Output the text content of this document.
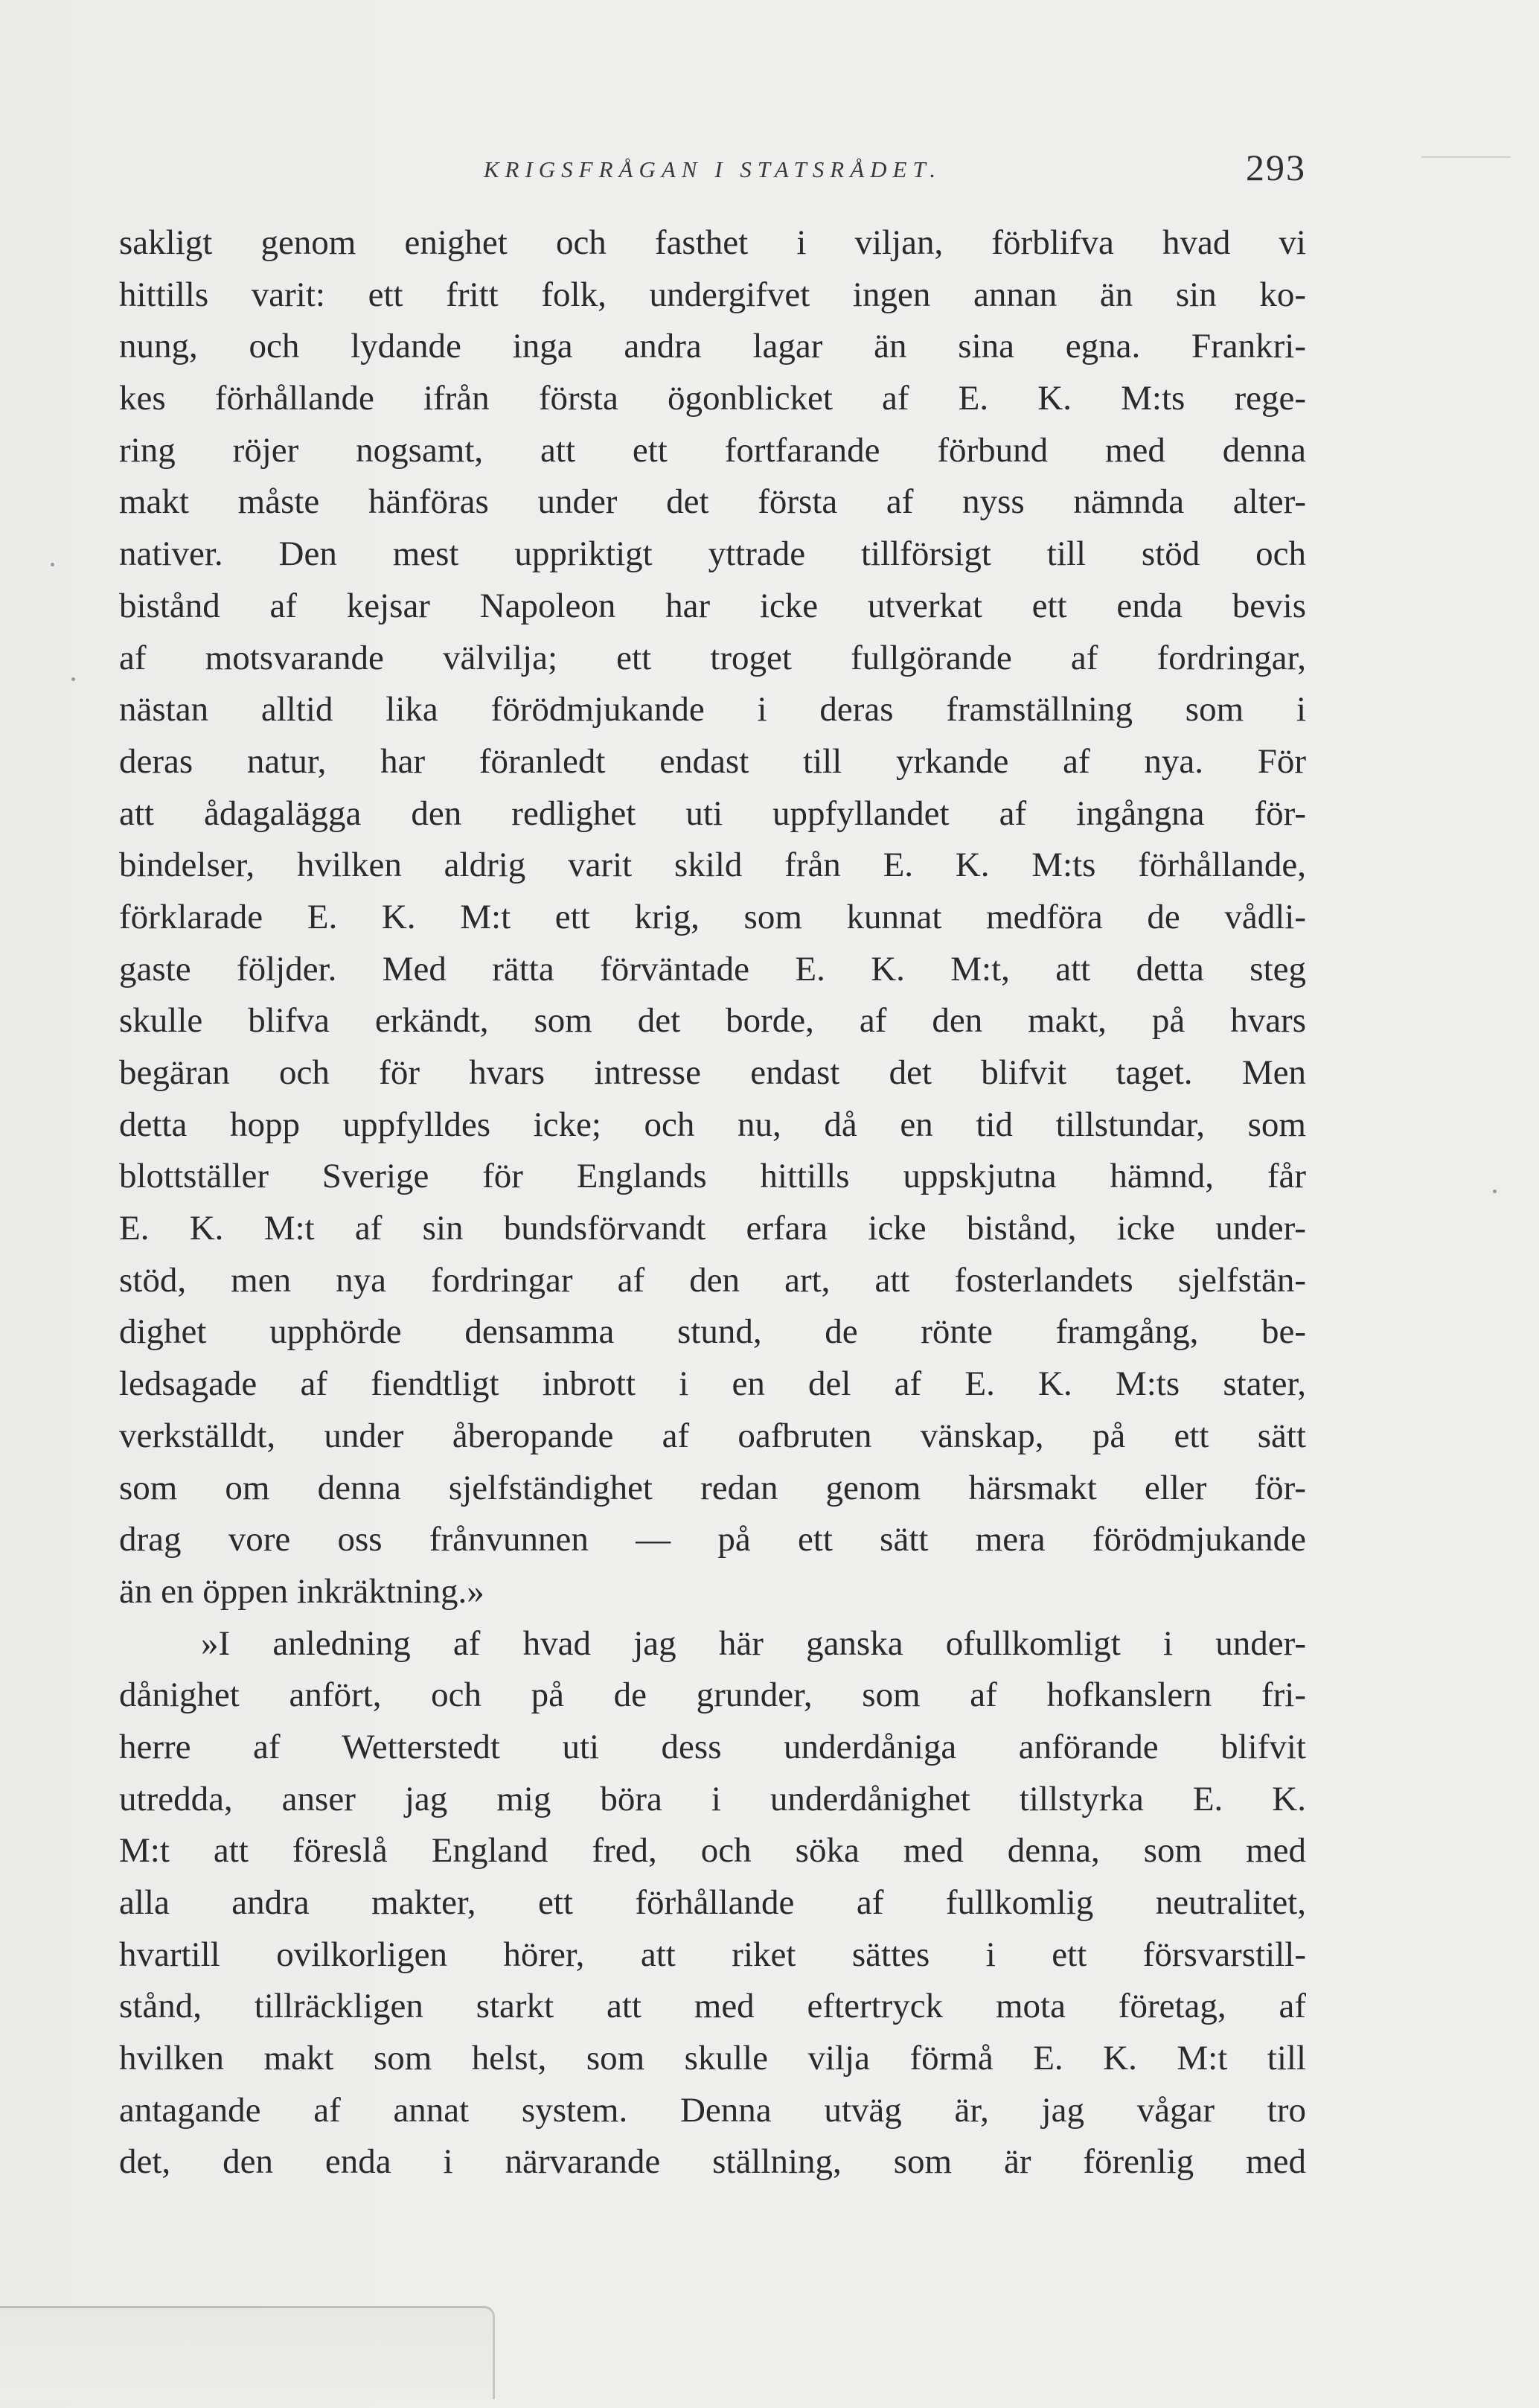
KRIGSFRÅGAN I STATSRÅDET.	293
sakligt genom enighet och fasthet i viljan, förblifva hvad vi
hittills varit: ett fritt folk, undergifvet ingen annan än sin ko-
nung, och lydande inga andra lagar än sina egna. Frankri-
kes förhållande ifrån första ögonblicket af E. K. M:ts rege-
ring röjer nogsamt, att ett fortfarande förbund med denna
makt måste hänföras under det första af nyss nämnda alter-
nativer. Den mest uppriktigt yttrade tillförsigt till stöd och
bistånd af kejsar Napoleon har icke utverkat ett enda bevis
af motsvarande välvilja; ett troget fullgörande af fordringar,
nästan alltid lika förödmjukande i deras framställning som i
deras natur, har föranledt endast till yrkande af nya. För
att ådagalägga den redlighet uti uppfyllandet af ingångna för-
bindelser, hvilken aldrig varit skild från E. K. M:ts förhållande,
förklarade E. K. M:t ett krig, som kunnat medföra de vådli-
gaste följder. Med rätta förväntade E. K. M:t, att detta steg
skulle blifva erkändt, som det borde, af den makt, på hvars
begäran och för hvars intresse endast det blifvit taget. Men
detta hopp uppfylldes icke; och nu, då en tid tillstundar, som
blottställer Sverige för Englands hittills uppskjutna hämnd, får
E. K. M:t af sin bundsförvandt erfara icke bistånd, icke under-
stöd, men nya fordringar af den art, att fosterlandets sjelfstän-
dighet upphörde densamma stund, de rönte framgång, be-
ledsagade af fiendtligt inbrott i en del af E. K. M:ts stater,
verkställdt, under åberopande af oafbruten vänskap, på ett sätt
som om denna sjelfständighet redan genom härsmakt eller för-
drag vore oss frånvunnen — på ett sätt mera förödmjukande
än en öppen inkräktning.»
»I anledning af hvad jag här ganska ofullkomligt i under-
dånighet anfört, och på de grunder, som af hofkanslern fri-
herre af Wetterstedt uti dess underdåniga anförande blifvit
utredda, anser jag mig böra i underdånighet tillstyrka E. K.
M:t att föreslå England fred, och söka med denna, som med
alla andra makter, ett förhållande af fullkomlig neutralitet,
hvartill ovilkorligen hörer, att riket sättes i ett försvarstill-
stånd, tillräckligen starkt att med eftertryck mota företag, af
hvilken makt som helst, som skulle vilja förmå E. K. M:t till
antagande af annat system. Denna utväg är, jag vågar tro
det, den enda i närvarande ställning, som är förenlig med
